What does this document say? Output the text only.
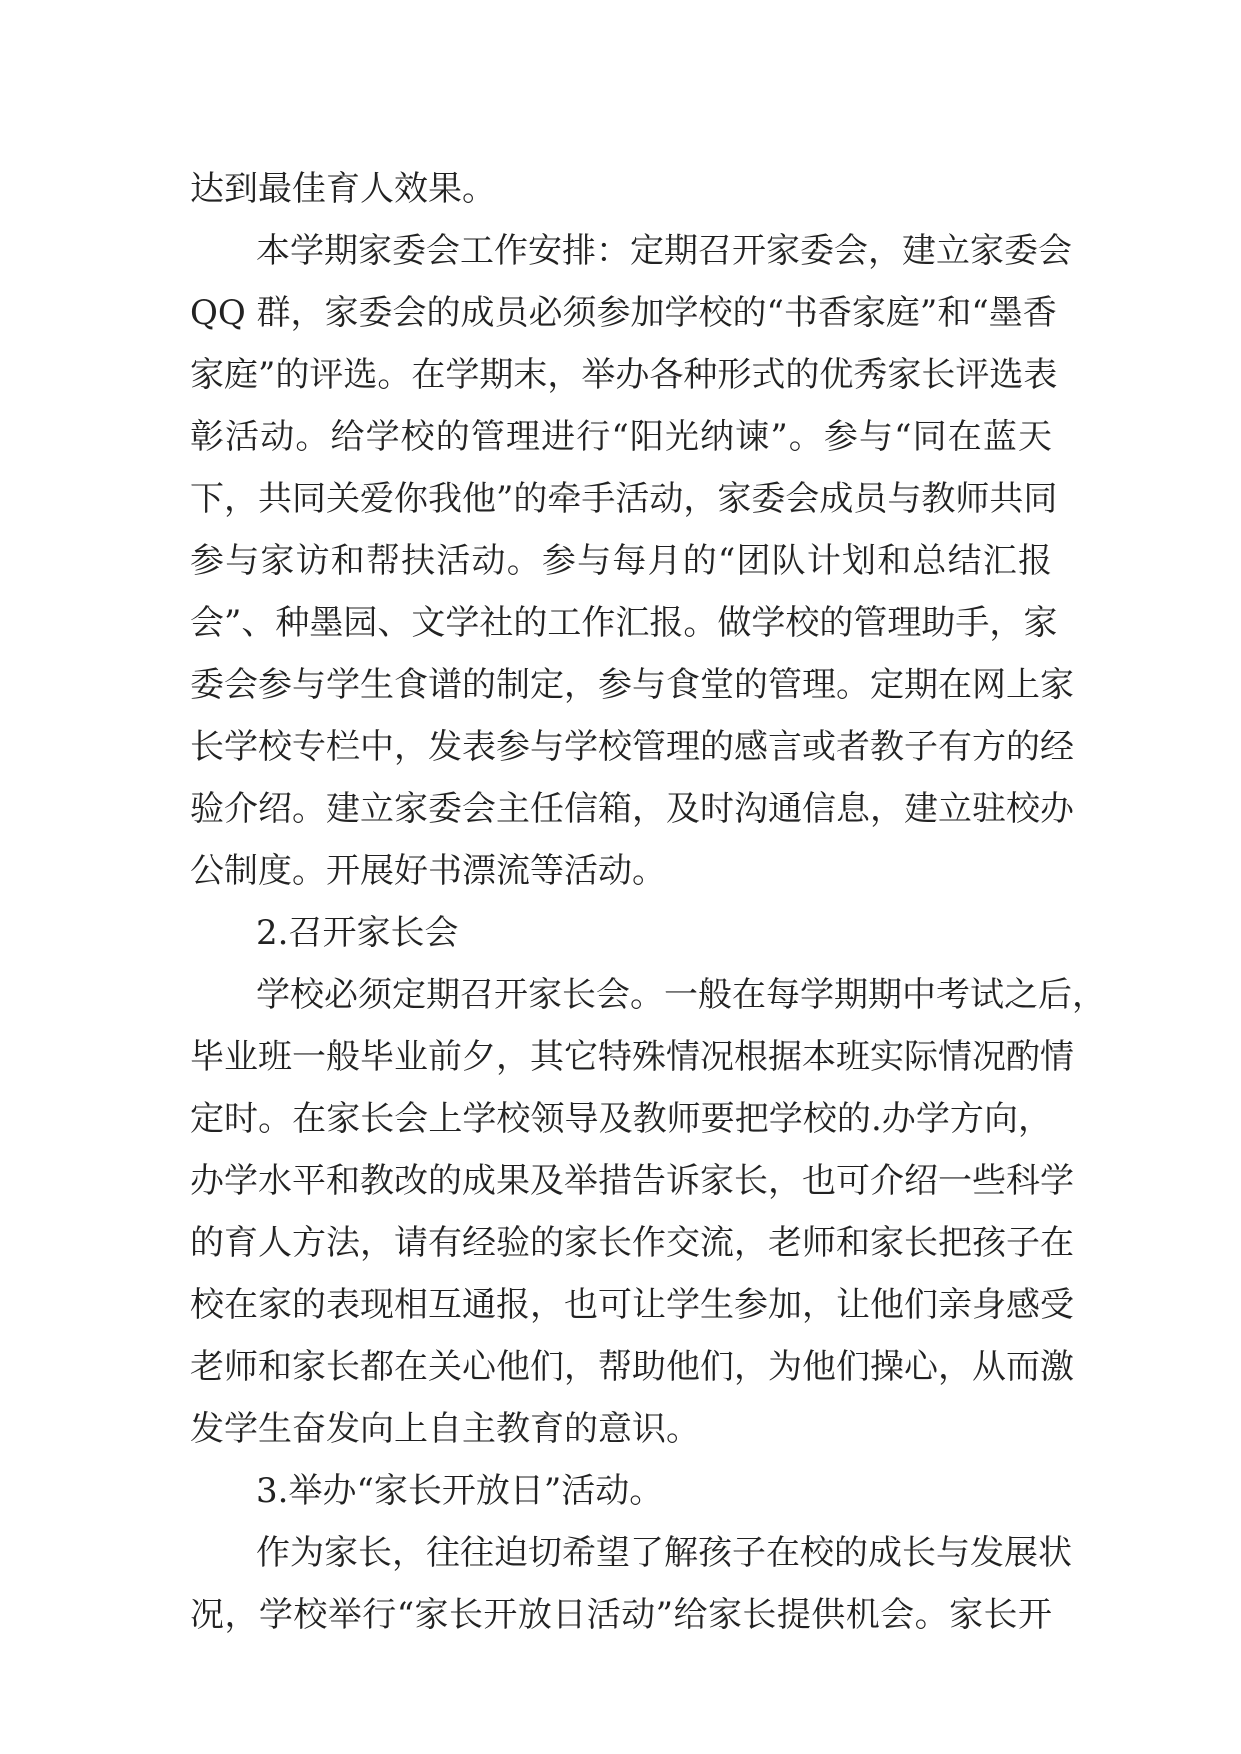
达到最佳育人效果。

本学期家委会工作安排：定期召开家委会，建立家委会
QQ 群，家委会的成员必须参加学校的“书香家庭”和“墨香
家庭”的评选。在学期末，举办各种形式的优秀家长评选表
彰活动。给学校的管理进行“阳光纳谏”。参与“同在蓝天
下，共同关爱你我他”的牵手活动，家委会成员与教师共同
参与家访和帮扶活动。参与每月的“团队计划和总结汇报
会”、种墨园、文学社的工作汇报。做学校的管理助手，家
委会参与学生食谱的制定，参与食堂的管理。定期在网上家
长学校专栏中，发表参与学校管理的感言或者教子有方的经
验介绍。建立家委会主任信箱，及时沟通信息，建立驻校办
公制度。开展好书漂流等活动。

2.召开家长会

学校必须定期召开家长会。一般在每学期期中考试之后，
毕业班一般毕业前夕，其它特殊情况根据本班实际情况酌情
定时。在家长会上学校领导及教师要把学校的.办学方向，
办学水平和教改的成果及举措告诉家长，也可介绍一些科学
的育人方法，请有经验的家长作交流，老师和家长把孩子在
校在家的表现相互通报，也可让学生参加，让他们亲身感受
老师和家长都在关心他们，帮助他们，为他们操心，从而激
发学生奋发向上自主教育的意识。

3.举办“家长开放日”活动。

作为家长，往往迫切希望了解孩子在校的成长与发展状
况，学校举行“家长开放日活动”给家长提供机会。家长开
